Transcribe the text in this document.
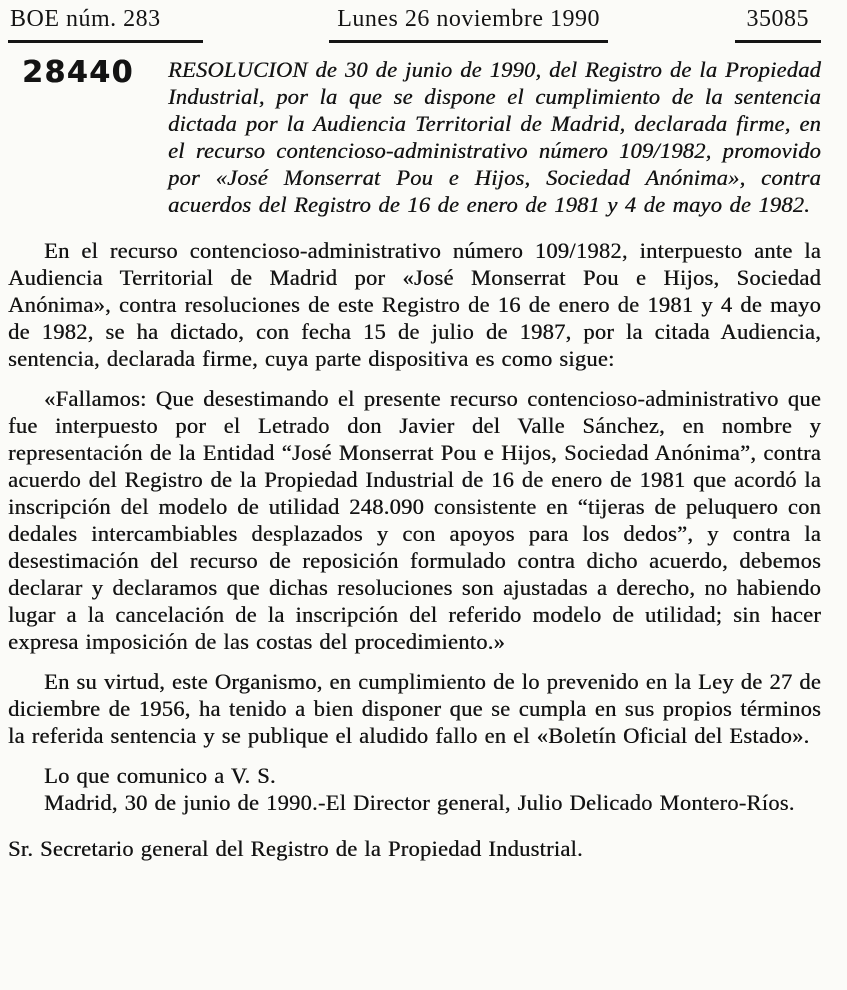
BOE núm. 283	Lunes 26 noviembre 1990	35085
28440	RESOLUCION de 30 de junio de 1990, del Registro de la Propiedad Industrial, por la que se dispone el cumplimiento de la sentencia dictada por la Audiencia Territorial de Madrid, declarada firme, en el recurso contencioso-administrativo número 109/1982, promovido por «José Monserrat Pou e Hijos, Sociedad Anónima», contra acuerdos del Registro de 16 de enero de 1981 y 4 de mayo de 1982.

En el recurso contencioso-administrativo número 109/1982, interpuesto ante la Audiencia Territorial de Madrid por «José Monserrat Pou e Hijos, Sociedad Anónima», contra resoluciones de este Registro de 16 de enero de 1981 y 4 de mayo de 1982, se ha dictado, con fecha 15 de julio de 1987, por la citada Audiencia, sentencia, declarada firme, cuya parte dispositiva es como sigue:

«Fallamos: Que desestimando el presente recurso contencioso-administrativo que fue interpuesto por el Letrado don Javier del Valle Sánchez, en nombre y representación de la Entidad “José Monserrat Pou e Hijos, Sociedad Anónima”, contra acuerdo del Registro de la Propiedad Industrial de 16 de enero de 1981 que acordó la inscripción del modelo de utilidad 248.090 consistente en “tijeras de peluquero con dedales intercambiables desplazados y con apoyos para los dedos”, y contra la desestimación del recurso de reposición formulado contra dicho acuerdo, debemos declarar y declaramos que dichas resoluciones son ajustadas a derecho, no habiendo lugar a la cancelación de la inscripción del referido modelo de utilidad; sin hacer expresa imposición de las costas del procedimiento.»

En su virtud, este Organismo, en cumplimiento de lo prevenido en la Ley de 27 de diciembre de 1956, ha tenido a bien disponer que se cumpla en sus propios términos la referida sentencia y se publique el aludido fallo en el «Boletín Oficial del Estado».

Lo que comunico a V. S.

Madrid, 30 de junio de 1990.-El Director general, Julio Delicado Montero-Ríos.

Sr. Secretario general del Registro de la Propiedad Industrial.
